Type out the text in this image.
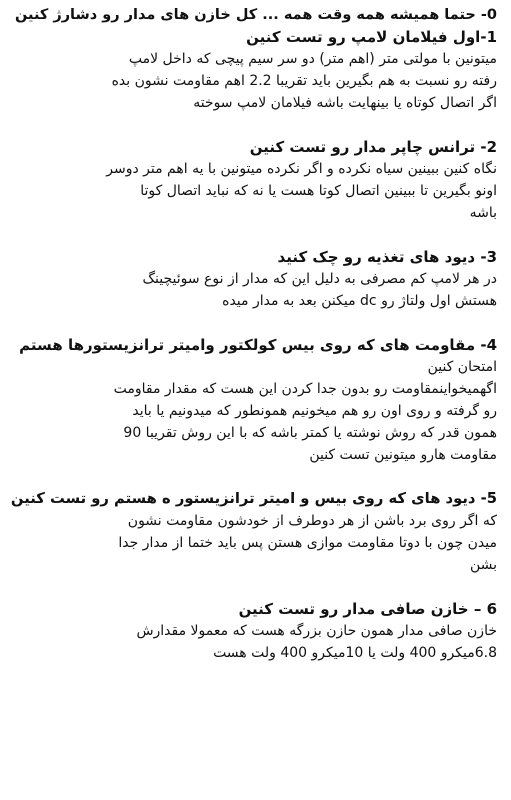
0- حتما همیشه همه وقت همه ... کل خازن های مدار رو دشارژ کنین
1-اول فیلامان لامپ رو تست کنین
میتونین با مولتی متر (اهم متر) دو سر سیم پیچی که داخل لامپ
رفته رو نسبت به هم بگیرین باید تقریبا 2.2 اهم مقاومت نشون بده
اگر اتصال کوتاه یا بینهایت باشه فیلامان لامپ سوخته
2- ترانس چاپر مدار رو تست کنین
نگاه کنین ببینین سیاه نکرده و اگر نکرده میتونین با یه اهم متر دوسر
اونو بگیرین تا ببینین اتصال کوتا هست یا نه که نباید اتصال کوتا
باشه
3- دیود های تغذیه رو چک کنید
در هر لامپ کم مصرفی به دلیل این که مدار از نوع سوئیچینگ
هستش اول ولتاژ رو dc میکنن بعد به مدار میده
4- مقاومت های که روی بیس کولکتور وامیتر ترانزیستورها هستم
امتحان کنین
اگهمیخواینمقاومت رو بدون جدا کردن این هست که مقدار مقاومت
رو گرفته و روی اون رو هم میخونیم همونطور که میدونیم یا باید
همون قدر که روش نوشته یا کمتر باشه که با این روش تقریبا 90
مقاومت هارو میتونین تست کنین
5- دیود های که روی بیس و امیتر ترانزیستور ه هستم رو تست کنین
که اگر روی برد باشن از هر دوطرف از خودشون مقاومت نشون
میدن چون با دوتا مقاومت موازی هستن پس باید ختما از مدار جدا
بشن
6 – خازن صافی مدار رو تست کنین
خازن صافی مدار همون حازن بزرگه هست که معمولا مقدارش
6.8میکرو 400 ولت یا 10میکرو 400 ولت هست
